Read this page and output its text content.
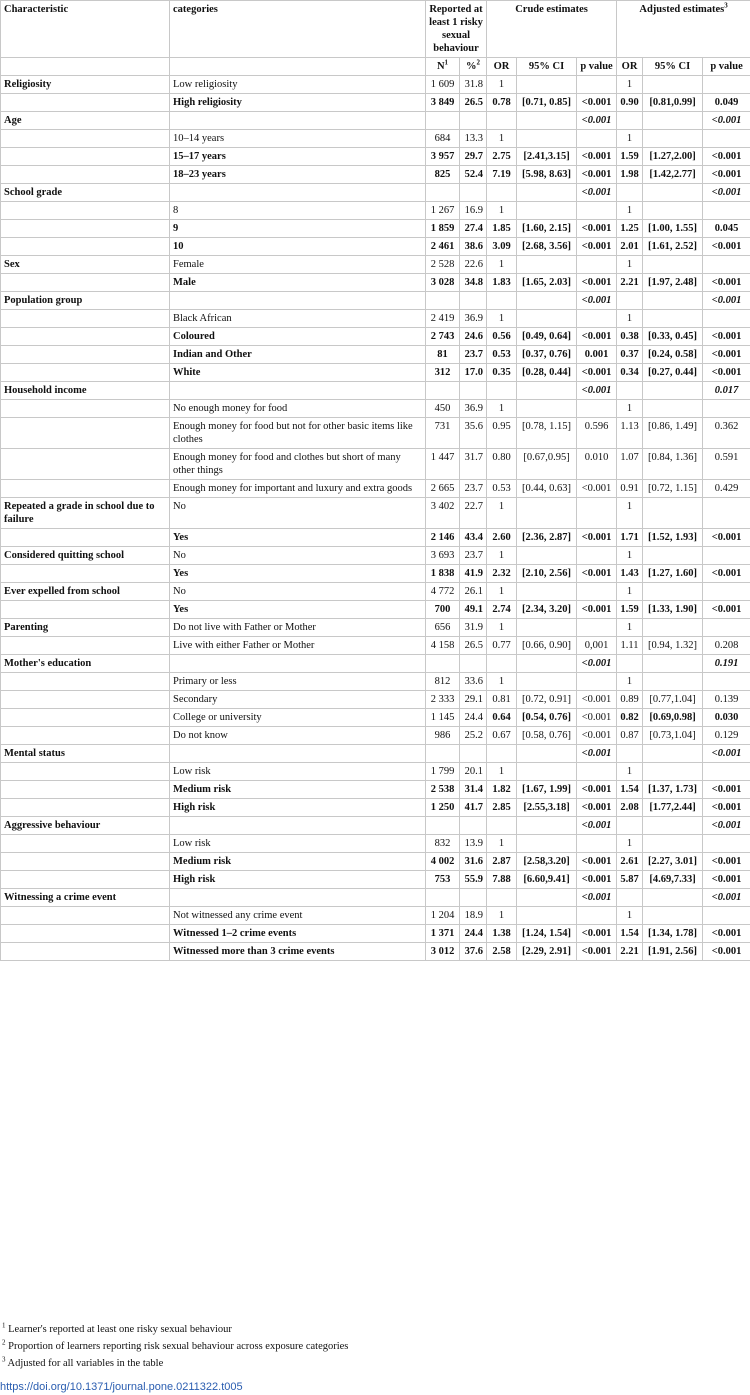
Characteristic	categories	Reported at least 1 risky sexual behaviour		Crude estimates			Adjusted estimates$^3$
		$N^1$	%$^2$	OR	95% CI	p value	OR	95% CI	p value
Religiosity	Low religiosity	1 609	31.8	1			1		
	High religiosity	3 849	26.5	0.78	[0.71, 0.85]	<0.001	0.90	[0.81,0.99]	0.049
Age						<0.001			<0.001
	10–14 years	684	13.3	1			1		
	15–17 years	3 957	29.7	2.75	[2.41,3.15]	<0.001	1.59	[1.27,2.00]	<0.001
	18–23 years	825	52.4	7.19	[5.98, 8.63]	<0.001	1.98	[1.42,2.77]	<0.001
School grade						<0.001			<0.001
	8	1 267	16.9	1			1		
	9	1 859	27.4	1.85	[1.60, 2.15]	<0.001	1.25	[1.00, 1.55]	0.045
	10	2 461	38.6	3.09	[2.68, 3.56]	<0.001	2.01	[1.61, 2.52]	<0.001
Sex	Female	2 528	22.6	1			1		
	Male	3 028	34.8	1.83	[1.65, 2.03]	<0.001	2.21	[1.97, 2.48]	<0.001
Population group						<0.001			<0.001
	Black African	2 419	36.9	1			1		
	Coloured	2 743	24.6	0.56	[0.49, 0.64]	<0.001	0.38	[0.33, 0.45]	<0.001
	Indian and Other	81	23.7	0.53	[0.37, 0.76]	0.001	0.37	[0.24, 0.58]	<0.001
	White	312	17.0	0.35	[0.28, 0.44]	<0.001	0.34	[0.27, 0.44]	<0.001
Household income						<0.001			0.017
	No enough money for food	450	36.9	1			1		
	Enough money for food but not for other basic items like clothes	731	35.6	0.95	[0.78, 1.15]	0.596	1.13	[0.86, 1.49]	0.362
	Enough money for food and clothes but short of many other things	1 447	31.7	0.80	[0.67,0.95]	0.010	1.07	[0.84, 1.36]	0.591
	Enough money for important and luxury and extra goods	2 665	23.7	0.53	[0.44, 0.63]	<0.001	0.91	[0.72, 1.15]	0.429
Repeated a grade in school due to failure	No	3 402	22.7	1			1		
	Yes	2 146	43.4	2.60	[2.36, 2.87]	<0.001	1.71	[1.52, 1.93]	<0.001
Considered quitting school	No	3 693	23.7	1			1		
	Yes	1 838	41.9	2.32	[2.10, 2.56]	<0.001	1.43	[1.27, 1.60]	<0.001
Ever expelled from school	No	4 772	26.1	1			1		
	Yes	700	49.1	2.74	[2.34, 3.20]	<0.001	1.59	[1.33, 1.90]	<0.001
Parenting	Do not live with Father or Mother	656	31.9	1			1		
	Live with either Father or Mother	4 158	26.5	0.77	[0.66, 0.90]	0,001	1.11	[0.94, 1.32]	0.208
Mother's education						<0.001			0.191
	Primary or less	812	33.6	1			1		
	Secondary	2 333	29.1	0.81	[0.72, 0.91]	<0.001	0.89	[0.77,1.04]	0.139
	College or university	1 145	24.4	0.64	[0.54, 0.76]	<0.001	0.82	[0.69,0.98]	0.030
	Do not know	986	25.2	0.67	[0.58, 0.76]	<0.001	0.87	[0.73,1.04]	0.129
Mental status						<0.001			<0.001
	Low risk	1 799	20.1	1			1		
	Medium risk	2 538	31.4	1.82	[1.67, 1.99]	<0.001	1.54	[1.37, 1.73]	<0.001
	High risk	1 250	41.7	2.85	[2.55,3.18]	<0.001	2.08	[1.77,2.44]	<0.001
Aggressive behaviour						<0.001			<0.001
	Low risk	832	13.9	1			1		
	Medium risk	4 002	31.6	2.87	[2.58,3.20]	<0.001	2.61	[2.27, 3.01]	<0.001
	High risk	753	55.9	7.88	[6.60,9.41]	<0.001	5.87	[4.69,7.33]	<0.001
Witnessing a crime event						<0.001			<0.001
	Not witnessed any crime event	1 204	18.9	1			1		
	Witnessed 1–2 crime events	1 371	24.4	1.38	[1.24, 1.54]	<0.001	1.54	[1.34, 1.78]	<0.001
	Witnessed more than 3 crime events	3 012	37.6	2.58	[2.29, 2.91]	<0.001	2.21	[1.91, 2.56]	<0.001
$^1$ Learner's reported at least one risky sexual behaviour
$^2$ Proportion of learners reporting risk sexual behaviour across exposure categories
$^3$ Adjusted for all variables in the table
https://doi.org/10.1371/journal.pone.0211322.t005
